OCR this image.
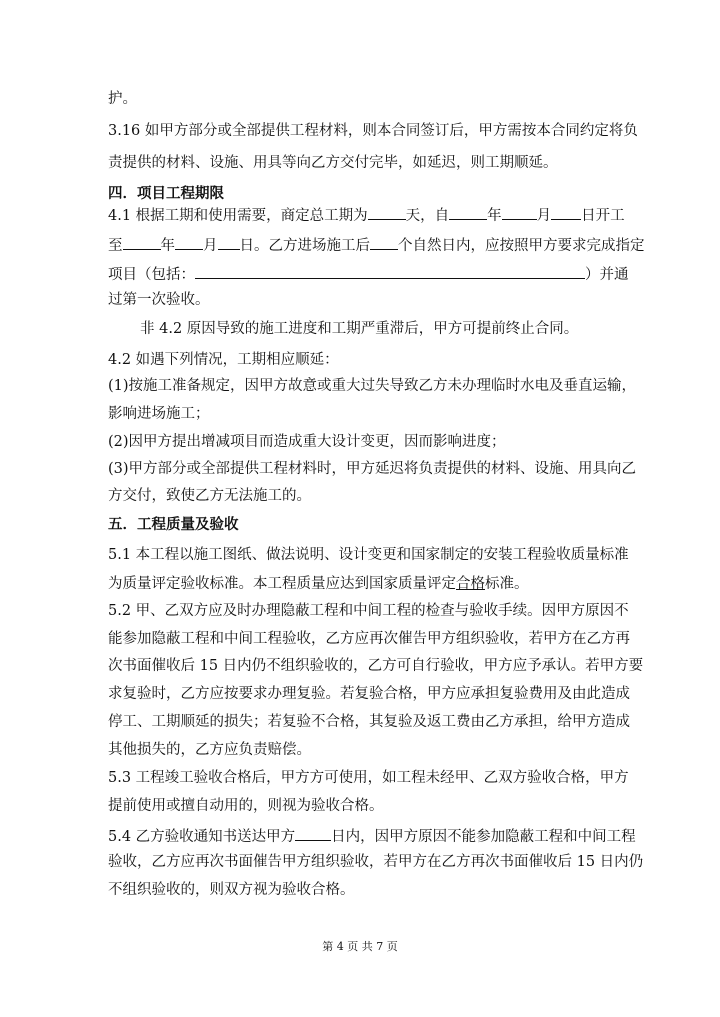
护。
3.16 如甲方部分或全部提供工程材料，则本合同签订后，甲方需按本合同约定将负
责提供的材料、设施、用具等向乙方交付完毕，如延迟，则工期顺延。
四．项目工程期限
4.1 根据工期和使用需要，商定总工期为	天，自	年 月 日开工
至	年 月 日。乙方进场施工后 个自然日内，应按照甲方要求完成指定
项目（包括：	）并通
过第一次验收。
非 4.2 原因导致的施工进度和工期严重滞后，甲方可提前终止合同。
4.2 如遇下列情况，工期相应顺延：
(1)按施工准备规定，因甲方故意或重大过失导致乙方未办理临时水电及垂直运输，
影响进场施工；
(2)因甲方提出增减项目而造成重大设计变更，因而影响进度；
(3)甲方部分或全部提供工程材料时，甲方延迟将负责提供的材料、设施、用具向乙
方交付，致使乙方无法施工的。
五．工程质量及验收
5.1 本工程以施工图纸、做法说明、设计变更和国家制定的安装工程验收质量标准
为质量评定验收标准。本工程质量应达到国家质量评定合格标准。
5.2 甲、乙双方应及时办理隐蔽工程和中间工程的检查与验收手续。因甲方原因不
能参加隐蔽工程和中间工程验收，乙方应再次催告甲方组织验收，若甲方在乙方再
次书面催收后 15 日内仍不组织验收的，乙方可自行验收，甲方应予承认。若甲方要
求复验时，乙方应按要求办理复验。若复验合格，甲方应承担复验费用及由此造成
停工、工期顺延的损失；若复验不合格，其复验及返工费由乙方承担，给甲方造成
其他损失的，乙方应负责赔偿。
5.3 工程竣工验收合格后，甲方方可使用，如工程未经甲、乙双方验收合格，甲方
提前使用或擅自动用的，则视为验收合格。
5.4 乙方验收通知书送达甲方 日内，因甲方原因不能参加隐蔽工程和中间工程
验收，乙方应再次书面催告甲方组织验收，若甲方在乙方再次书面催收后 15 日内仍
不组织验收的，则双方视为验收合格。
第 4 页 共 7 页
